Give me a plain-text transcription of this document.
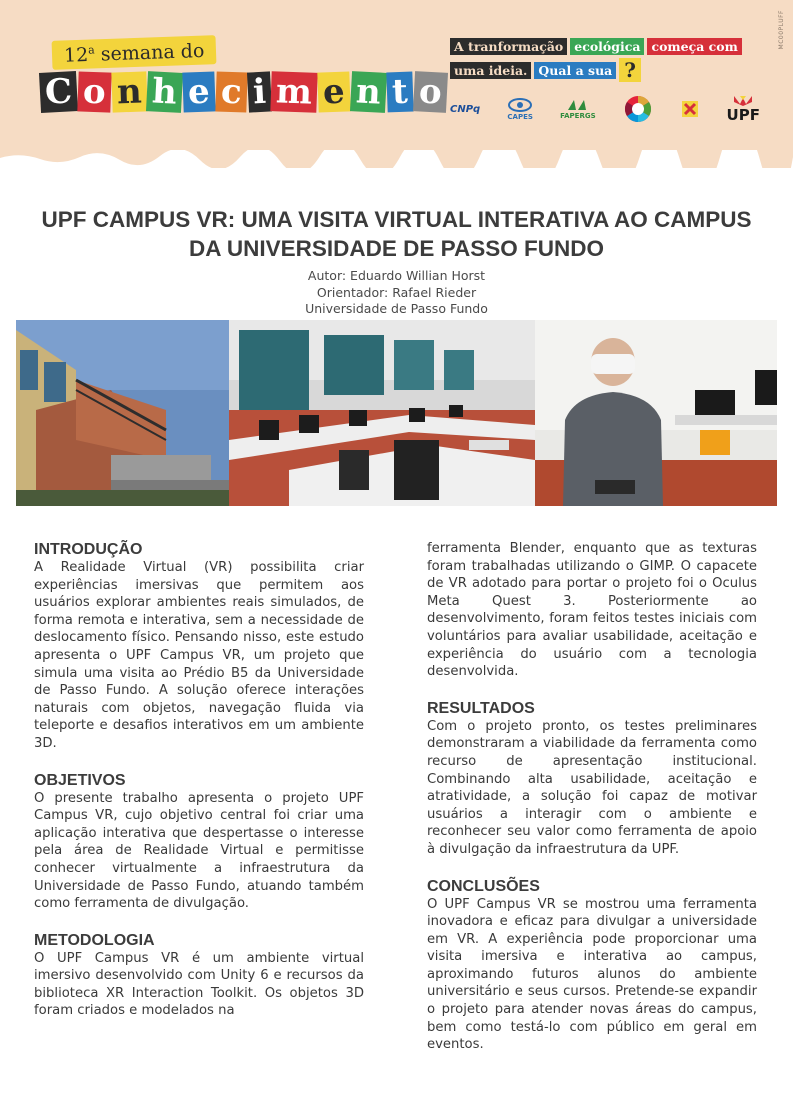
MC00PLUFF
12$^a$ semana do
C o n h e c i m e n t o
A tranformação ecológica começa com
uma ideia. Qual a sua ?
CNPq
CAPES	FAPERGS	UPF
UPF CAMPUS VR: UMA VISITA VIRTUAL INTERATIVA AO CAMPUS DA UNIVERSIDADE DE PASSO FUNDO
Autor: Eduardo Willian Horst
Orientador: Rafael Rieder
Universidade de Passo Fundo
INTRODUÇÃO
A Realidade Virtual (VR) possibilita criar experiências imersivas que permitem aos usuários explorar ambientes reais simulados, de forma remota e interativa, sem a necessidade de deslocamento físico. Pensando nisso, este estudo apresenta o UPF Campus VR, um projeto que simula uma visita ao Prédio B5 da Universidade de Passo Fundo. A solução oferece interações naturais com objetos, navegação fluida via teleporte e desafios interativos em um ambiente 3D.
OBJETIVOS
O presente trabalho apresenta o projeto UPF Campus VR, cujo objetivo central foi criar uma aplicação interativa que despertasse o interesse pela área de Realidade Virtual e permitisse conhecer virtualmente a infraestrutura da Universidade de Passo Fundo, atuando também como ferramenta de divulgação.
METODOLOGIA
O UPF Campus VR é um ambiente virtual imersivo desenvolvido com Unity 6 e recursos da biblioteca XR Interaction Toolkit. Os objetos 3D foram criados e modelados na
ferramenta Blender, enquanto que as texturas foram trabalhadas utilizando o GIMP. O capacete de VR adotado para portar o projeto foi o Oculus Meta Quest 3. Posteriormente ao desenvolvimento, foram feitos testes iniciais com voluntários para avaliar usabilidade, aceitação e experiência do usuário com a tecnologia desenvolvida.
RESULTADOS
Com o projeto pronto, os testes preliminares demonstraram a viabilidade da ferramenta como recurso de apresentação institucional. Combinando alta usabilidade, aceitação e atratividade, a solução foi capaz de motivar usuários a interagir com o ambiente e reconhecer seu valor como ferramenta de apoio à divulgação da infraestrutura da UPF.
CONCLUSÕES
O UPF Campus VR se mostrou uma ferramenta inovadora e eficaz para divulgar a universidade em VR. A experiência pode proporcionar uma visita imersiva e interativa ao campus, aproximando futuros alunos do ambiente universitário e seus cursos. Pretende-se expandir o projeto para atender novas áreas do campus, bem como testá-lo com público em geral em eventos.
